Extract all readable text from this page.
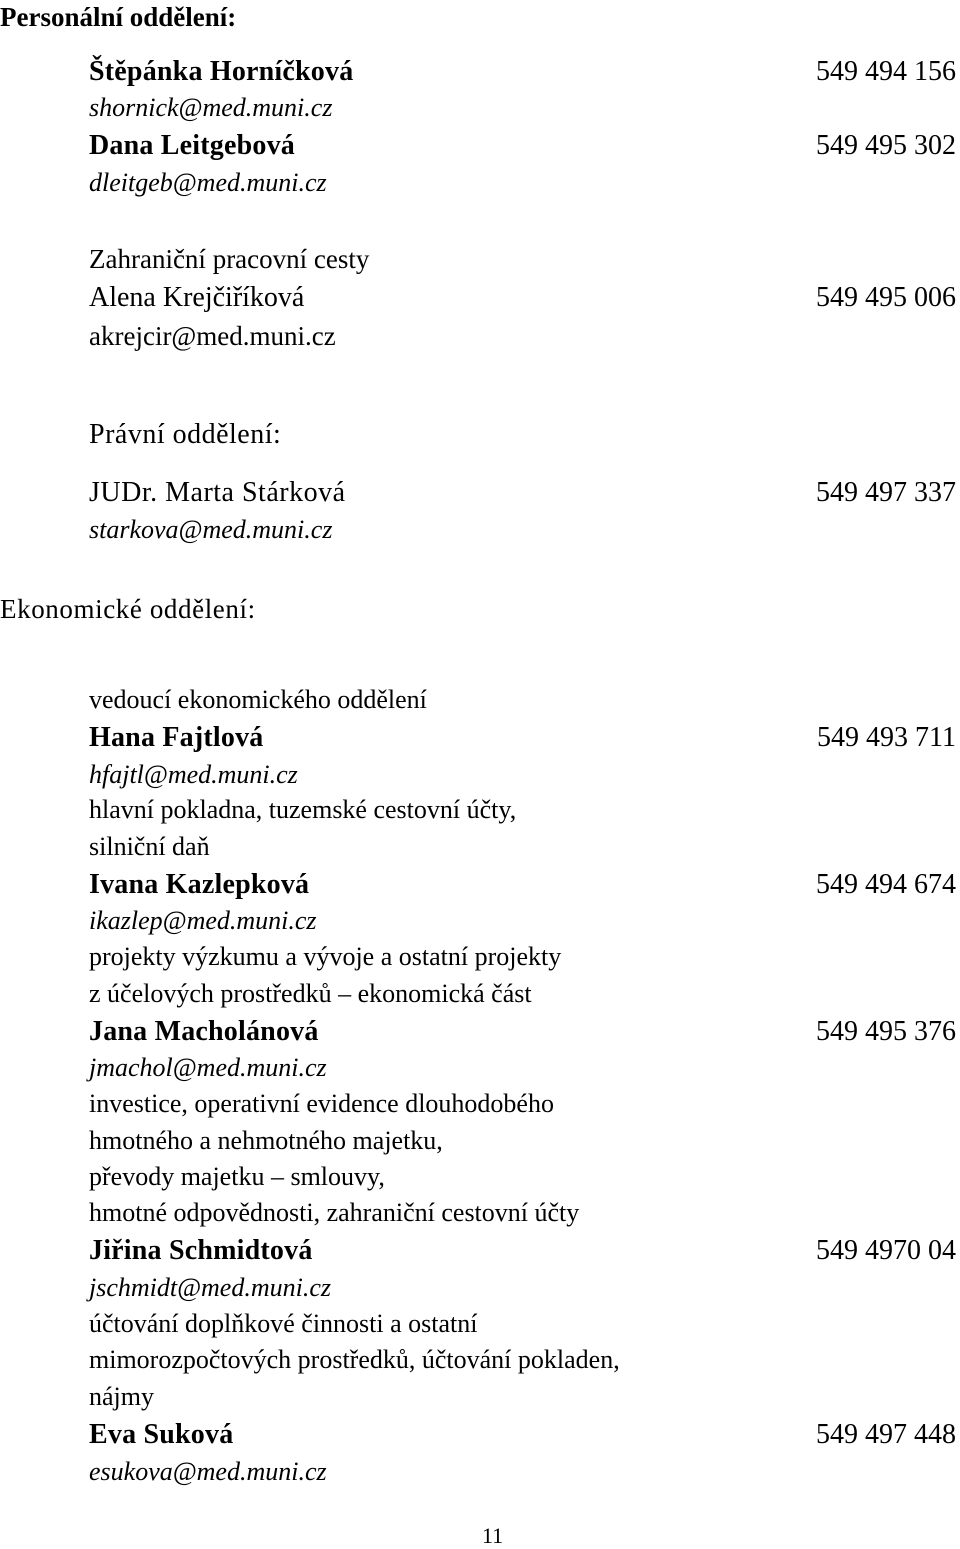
Personální oddělení:
Štěpánka Horníčková	549 494 156
shornick@med.muni.cz
Dana Leitgebová	549 495 302
dleitgeb@med.muni.cz
Zahraniční pracovní cesty
Alena Krejčiříková	549 495 006
akrejcir@med.muni.cz
Právní oddělení:
JUDr. Marta Stárková	549 497 337
starkova@med.muni.cz
Ekonomické oddělení:
vedoucí ekonomického oddělení
Hana Fajtlová	549 493 711
hfajtl@med.muni.cz
hlavní pokladna, tuzemské cestovní účty,
silniční daň
Ivana Kazlepková	549 494 674
ikazlep@med.muni.cz
projekty výzkumu a vývoje a ostatní projekty
z účelových prostředků – ekonomická část
Jana Macholánová	549 495 376
jmachol@med.muni.cz
investice, operativní evidence dlouhodobého
hmotného a nehmotného majetku,
převody majetku – smlouvy,
hmotné odpovědnosti, zahraniční cestovní účty
Jiřina Schmidtová	549 4970 04
jschmidt@med.muni.cz
účtování doplňkové činnosti a ostatní
mimorozpočtových prostředků, účtování pokladen,
nájmy
Eva Suková	549 497 448
esukova@med.muni.cz
11
